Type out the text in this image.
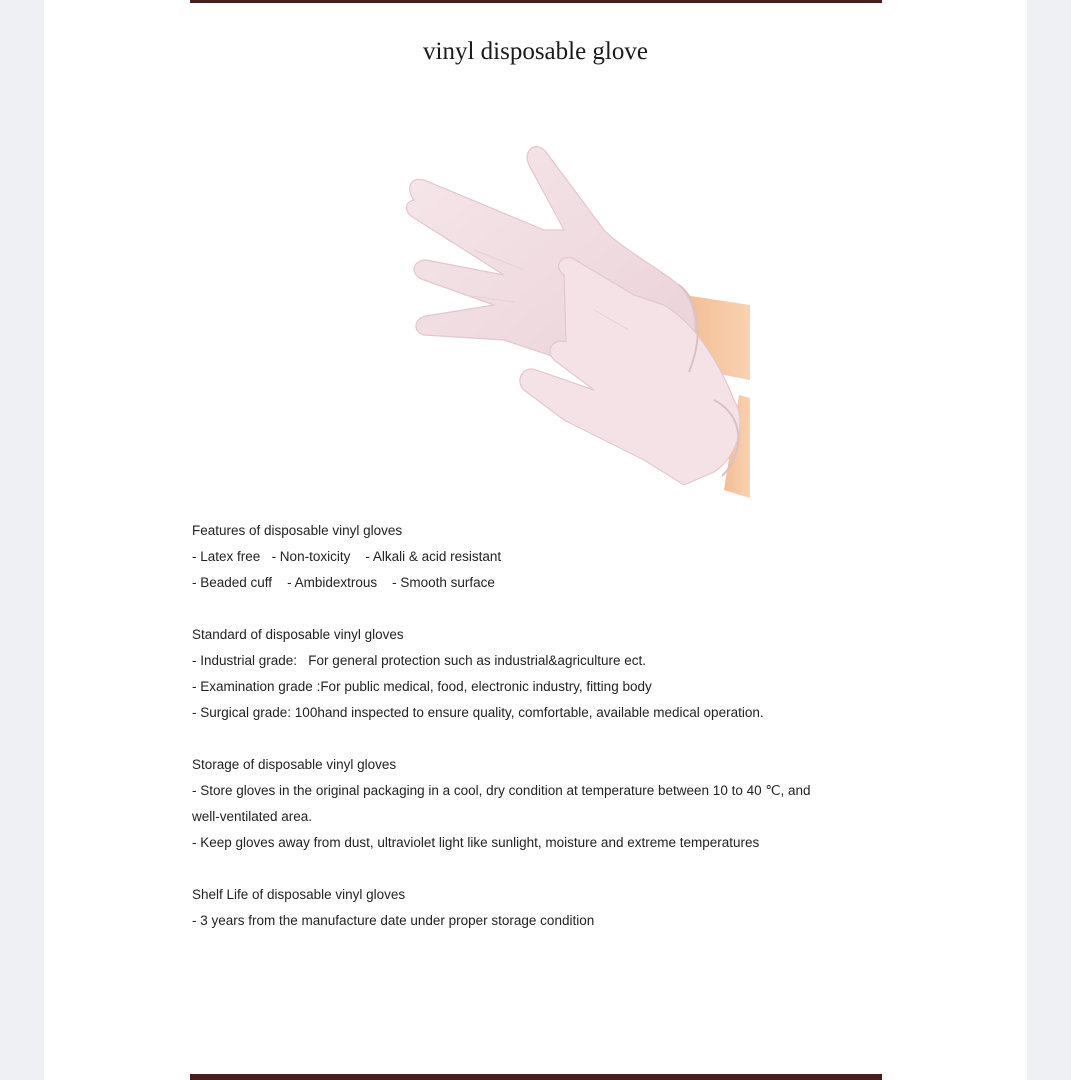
vinyl disposable glove
Features of disposable vinyl gloves
- Latex free - Non-toxicity - Alkali & acid resistant
- Beaded cuff - Ambidextrous - Smooth surface
Standard of disposable vinyl gloves
- Industrial grade:   For general protection such as industrial&agriculture ect.
- Examination grade :For public medical, food, electronic industry, fitting body
- Surgical grade: 100hand inspected to ensure quality, comfortable, available medical operation.
Storage of disposable vinyl gloves
- Store gloves in the original packaging in a cool, dry condition at temperature between 10 to 40 ℃, and
well-ventilated area.
- Keep gloves away from dust, ultraviolet light like sunlight, moisture and extreme temperatures
Shelf Life of disposable vinyl gloves
- 3 years from the manufacture date under proper storage condition
